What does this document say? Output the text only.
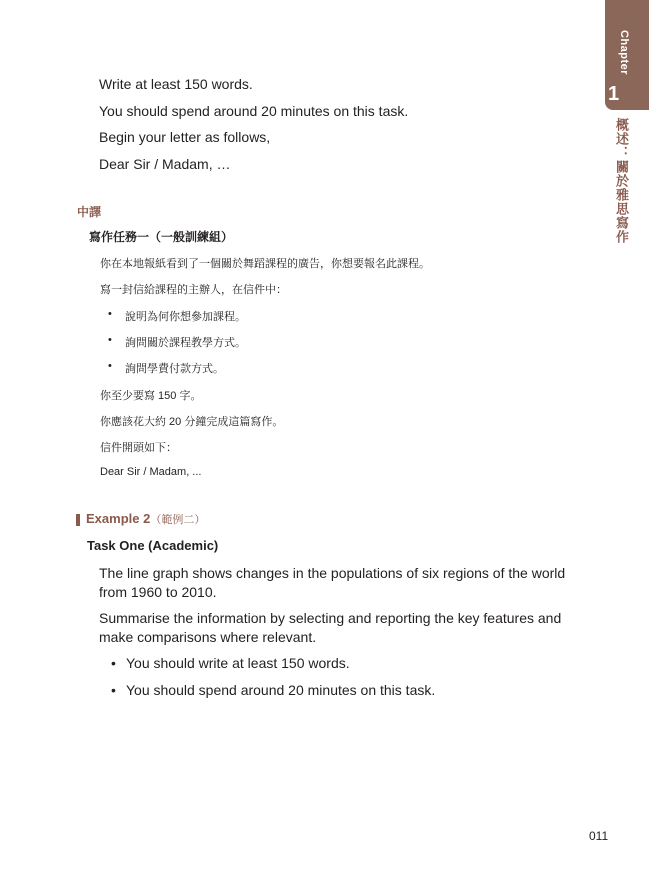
Write at least 150 words.
You should spend around 20 minutes on this task.
Begin your letter as follows,
Dear Sir / Madam, …
中譯
寫作任務一（一般訓練組）
你在本地報紙看到了一個關於舞蹈課程的廣告，你想要報名此課程。
寫一封信給課程的主辦人，在信件中：
• 說明為何你想參加課程。
• 詢問關於課程教學方式。
• 詢問學費付款方式。
你至少要寫 150 字。
你應該花大約 20 分鐘完成這篇寫作。
信件開頭如下：
Dear Sir / Madam, ...
Example 2（範例二）
Task One (Academic)
The line graph shows changes in the populations of six regions of the world
from 1960 to 2010.
Summarise the information by selecting and reporting the key features and
make comparisons where relevant.
• You should write at least 150 words.
• You should spend around 20 minutes on this task.
Chapter
1
概述：關於雅思寫作
011
